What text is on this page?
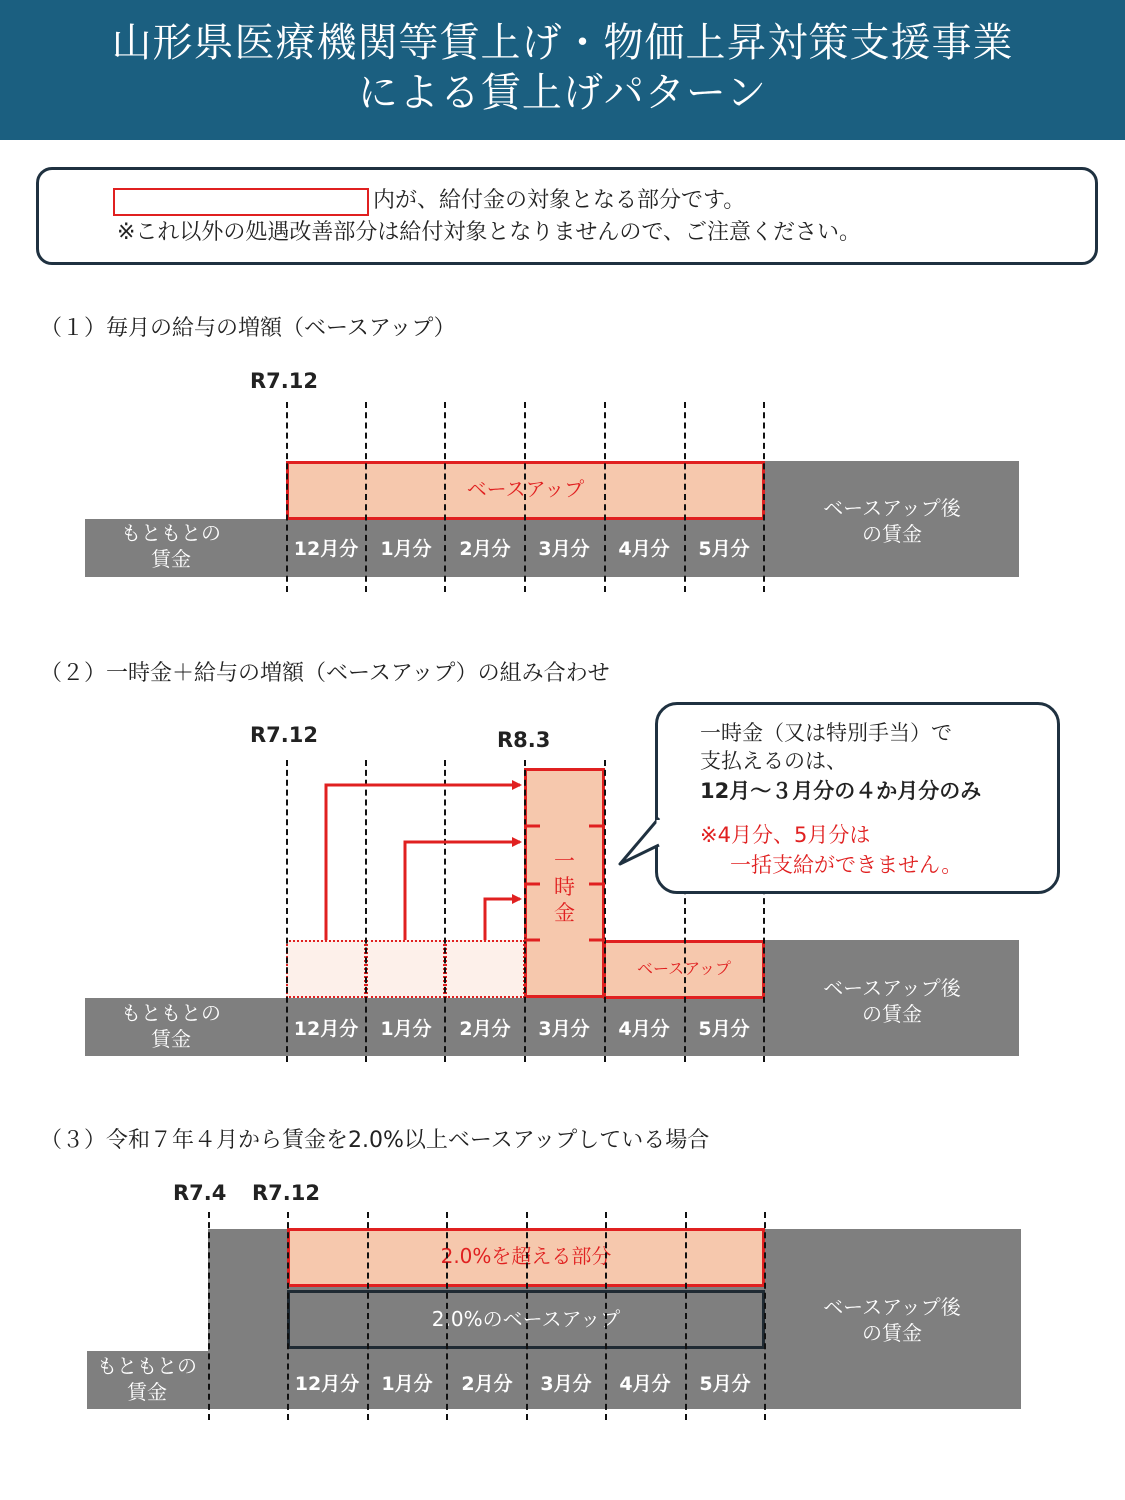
山形県医療機関等賃上げ・物価上昇対策支援事業
による賃上げパターン
内が、給付金の対象となる部分です。
※これ以外の処遇改善部分は給付対象となりませんので、ご注意ください。
（１）毎月の給与の増額（ベースアップ）
R7.12
もともとの
賃金
ベースアップ後
の賃金
ベースアップ
12月分	1月分	2月分	3月分	4月分	5月分
（２）一時金＋給与の増額（ベースアップ）の組み合わせ
R7.12	R8.3
もともとの
賃金
ベースアップ後
の賃金
一
時
金
ベースアップ
12月分	1月分	2月分	3月分	4月分	5月分
一時金（又は特別手当）で
支払えるのは、
12月～３月分の４か月分のみ
※4月分、5月分は
一括支給ができません。
（３）令和７年４月から賃金を2.0%以上ベースアップしている場合
R7.4 R7.12
もともとの
賃金
ベースアップ後
の賃金
2.0%を超える部分
2.0%のベースアップ
12月分	1月分	2月分	3月分	4月分	5月分
